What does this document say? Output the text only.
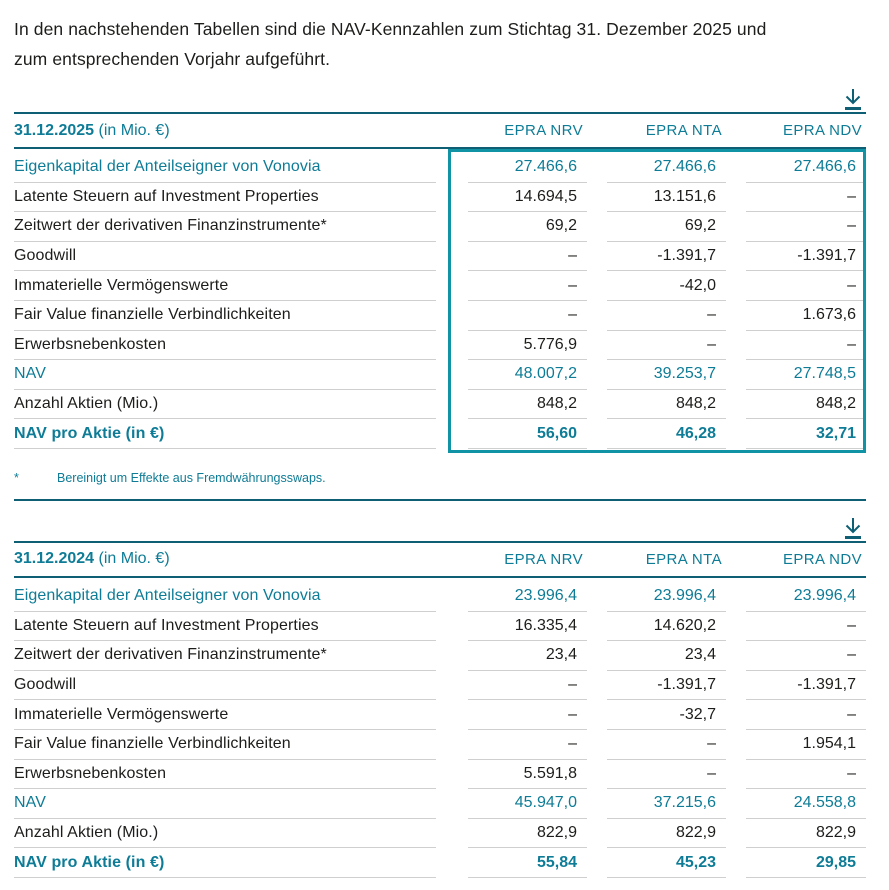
In den nachstehenden Tabellen sind die NAV-Kennzahlen zum Stichtag 31. Dezember 2025 und
zum entsprechenden Vorjahr aufgeführt.
31.12.2025 (in Mio. €)	EPRA NRV	EPRA NTA	EPRA NDV
Eigenkapital der Anteilseigner von Vonovia	27.466,6	27.466,6	27.466,6
Latente Steuern auf Investment Properties	14.694,5	13.151,6	–
Zeitwert der derivativen Finanzinstrumente*	69,2	69,2	–
Goodwill	–	-1.391,7	-1.391,7
Immaterielle Vermögenswerte	–	-42,0	–
Fair Value finanzielle Verbindlichkeiten	–	–	1.673,6
Erwerbsnebenkosten	5.776,9	–	–
NAV	48.007,2	39.253,7	27.748,5
Anzahl Aktien (Mio.)	848,2	848,2	848,2
NAV pro Aktie (in €)	56,60	46,28	32,71
*	Bereinigt um Effekte aus Fremdwährungsswaps.
31.12.2024 (in Mio. €)	EPRA NRV	EPRA NTA	EPRA NDV
Eigenkapital der Anteilseigner von Vonovia	23.996,4	23.996,4	23.996,4
Latente Steuern auf Investment Properties	16.335,4	14.620,2	–
Zeitwert der derivativen Finanzinstrumente*	23,4	23,4	–
Goodwill	–	-1.391,7	-1.391,7
Immaterielle Vermögenswerte	–	-32,7	–
Fair Value finanzielle Verbindlichkeiten	–	–	1.954,1
Erwerbsnebenkosten	5.591,8	–	–
NAV	45.947,0	37.215,6	24.558,8
Anzahl Aktien (Mio.)	822,9	822,9	822,9
NAV pro Aktie (in €)	55,84	45,23	29,85
